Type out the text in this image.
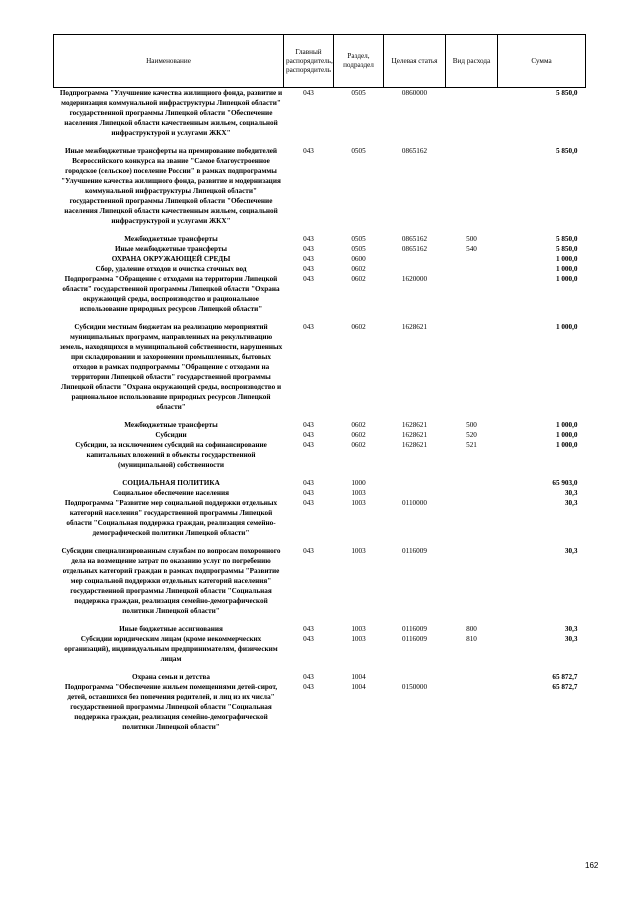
Наименование	Главный распорядитель, распорядитель	Раздел, подраздел	Целевая статья	Вид расхода	Сумма
Подпрограмма "Улучшение качества жилищного фонда, развитие и модернизация коммунальной инфраструктуры Липецкой области" государственной программы Липецкой области "Обеспечение населения Липецкой области качественным жильем, социальной инфраструктурой и услугами ЖКХ"	043	0505	0860000		5 850,0
Иные межбюджетные трансферты на премирование победителей Всероссийского конкурса на звание "Самое благоустроенное городское (сельское) поселение России" в рамках подпрограммы "Улучшение качества жилищного фонда, развитие и модернизация коммунальной инфраструктуры Липецкой области" государственной программы Липецкой области "Обеспечение населения Липецкой области качественным жильем, социальной инфраструктурой и услугами ЖКХ"	043	0505	0865162		5 850,0
Межбюджетные трансферты	043	0505	0865162	500	5 850,0
Иные межбюджетные трансферты	043	0505	0865162	540	5 850,0
ОХРАНА ОКРУЖАЮЩЕЙ СРЕДЫ	043	0600			1 000,0
Сбор, удаление отходов и очистка сточных вод	043	0602			1 000,0
Подпрограмма "Обращение с отходами на территории Липецкой области" государственной программы Липецкой области "Охрана окружающей среды, воспроизводство и рациональное использование природных ресурсов Липецкой области"	043	0602	1620000		1 000,0
Субсидии местным бюджетам на реализацию мероприятий муниципальных программ, направленных на рекультивацию земель, находящихся в муниципальной собственности, нарушенных при складировании и захоронении промышленных, бытовых отходов в рамках подпрограммы "Обращение с отходами на территории Липецкой области" государственной программы Липецкой области "Охрана окружающей среды, воспроизводство и рациональное использование природных ресурсов Липецкой области"	043	0602	1628621		1 000,0
Межбюджетные трансферты	043	0602	1628621	500	1 000,0
Субсидии	043	0602	1628621	520	1 000,0
Субсидии, за исключением субсидий на софинансирование капитальных вложений в объекты государственной (муниципальной) собственности	043	0602	1628621	521	1 000,0
СОЦИАЛЬНАЯ ПОЛИТИКА	043	1000			65 903,0
Социальное обеспечение населения	043	1003			30,3
Подпрограмма "Развитие мер социальной поддержки отдельных категорий населения" государственной программы Липецкой области "Социальная поддержка граждан, реализация семейно-демографической политики Липецкой области"	043	1003	0110000		30,3
Субсидии специализированным службам по вопросам похоронного дела на возмещение затрат по оказанию услуг по погребению отдельных категорий граждан в рамках подпрограммы "Развитие мер социальной поддержки отдельных категорий населения" государственной программы Липецкой области "Социальная поддержка граждан, реализация семейно-демографической политики Липецкой области"	043	1003	0116009		30,3
Иные бюджетные ассигнования	043	1003	0116009	800	30,3
Субсидии юридическим лицам (кроме некоммерческих организаций), индивидуальным предпринимателям, физическим лицам	043	1003	0116009	810	30,3
Охрана семьи и детства	043	1004			65 872,7
Подпрограмма "Обеспечение жильем помещениями детей-сирот, детей, оставшихся без попечения родителей, и лиц из их числа" государственной программы Липецкой области "Социальная поддержка граждан, реализация семейно-демографической политики Липецкой области"	043	1004	0150000		65 872,7
162
